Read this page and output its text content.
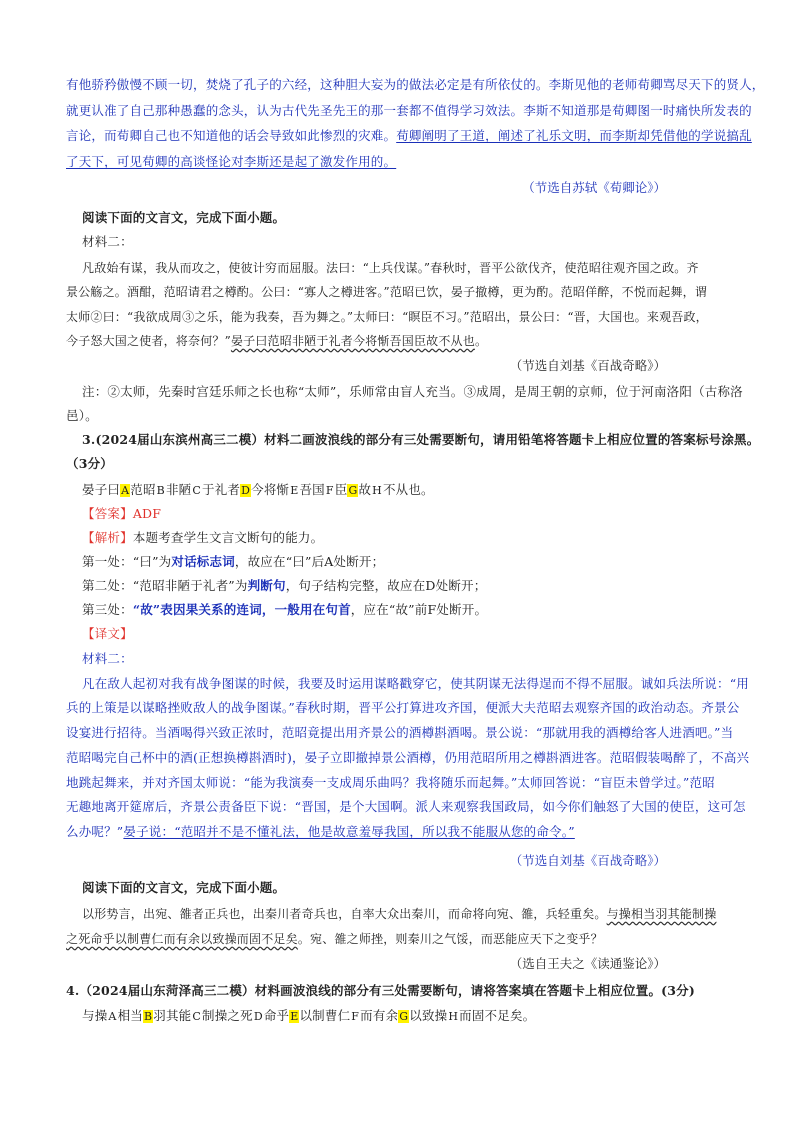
有他骄矜傲慢不顾一切，焚烧了孔子的六经，这种胆大妄为的做法必定是有所依仗的。李斯见他的老师荀卿骂尽天下的贤人，
就更认准了自己那种愚蠢的念头，认为古代先圣先王的那一套都不值得学习效法。李斯不知道那是荀卿图一时痛快所发表的
言论，而荀卿自己也不知道他的话会导致如此惨烈的灾难。荀卿阐明了王道，阐述了礼乐文明，而李斯却凭借他的学说搞乱
了天下，可见荀卿的高谈怪论对李斯还是起了激发作用的。
（节选自苏轼《荀卿论》）
阅读下面的文言文，完成下面小题。
材料二：
凡敌始有谋，我从而攻之，使彼计穷而屈服。法曰：“上兵伐谋。”春秋时，晋平公欲伐齐，使范昭往观齐国之政。齐
景公觞之。酒酣，范昭请君之樽酌。公曰：“寡人之樽进客。”范昭已饮，晏子撤樽，更为酌。范昭佯醉，不悦而起舞，谓
太师②曰：“我欲成周③之乐，能为我奏，吾为舞之。”太师曰：“瞑臣不习。”范昭出，景公曰：“晋，大国也。来观吾政，
今子怒大国之使者，将奈何？”晏子曰范昭非陋于礼者今将惭吾国臣故不从也。
（节选自刘基《百战奇略》）
注：②太师，先秦时宫廷乐师之长也称“太师”，乐师常由盲人充当。③成周，是周王朝的京师，位于河南洛阳（古称洛
邑）。
3.(2024届山东滨州高三二模）材料二画波浪线的部分有三处需要断句，请用铅笔将答题卡上相应位置的答案标号涂黑。
（3分）
晏子曰A范昭B非陋C于礼者D今将惭E吾国F臣G故H不从也。
【答案】ADF
【解析】本题考查学生文言文断句的能力。
第一处：“曰”为对话标志词，故应在“曰”后A处断开；
第二处：“范昭非陋于礼者”为判断句，句子结构完整，故应在D处断开；
第三处：“故”表因果关系的连词，一般用在句首，应在“故”前F处断开。
【译文】
材料二：
凡在敌人起初对我有战争图谋的时候，我要及时运用谋略戳穿它，使其阴谋无法得逞而不得不屈服。诚如兵法所说：“用
兵的上策是以谋略挫败敌人的战争图谋。”春秋时期，晋平公打算进攻齐国，便派大夫范昭去观察齐国的政治动态。齐景公
设宴进行招待。当酒喝得兴致正浓时，范昭竟提出用齐景公的酒樽斟酒喝。景公说：“那就用我的酒樽给客人进酒吧。”当
范昭喝完自己杯中的酒(正想换樽斟酒时)，晏子立即撤掉景公酒樽，仍用范昭所用之樽斟酒进客。范昭假装喝醉了，不高兴
地跳起舞来，并对齐国太师说：“能为我演奏一支成周乐曲吗？我将随乐而起舞。”太师回答说：“盲臣未曾学过。”范昭
无趣地离开筵席后，齐景公责备臣下说：“晋国，是个大国啊。派人来观察我国政局，如今你们触怒了大国的使臣，这可怎
么办呢？”晏子说：“范昭并不是不懂礼法，他是故意羞辱我国，所以我不能服从您的命令。”
（节选自刘基《百战奇略》）
阅读下面的文言文，完成下面小题。
以形势言，出宛、雒者正兵也，出秦川者奇兵也，自率大众出秦川，而命将向宛、雒，兵轻重矣。与操相当羽其能制操
之死命乎以制曹仁而有余以致操而固不足矣。宛、雒之师挫，则秦川之气馁，而恶能应天下之变乎？
（选自王夫之《读通鉴论》）
4.（2024届山东菏泽高三二模）材料画波浪线的部分有三处需要断句，请将答案填在答题卡上相应位置。(3分)
与操A相当B羽其能C制操之死D命乎E以制曹仁F而有余G以致操H而固不足矣。
